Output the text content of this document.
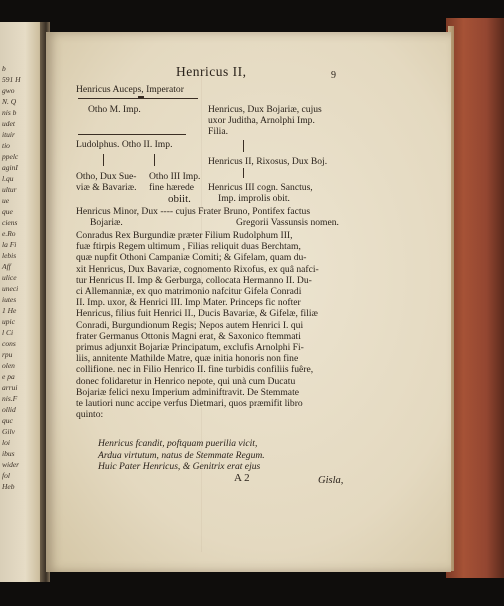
b
591 H
gwo
N. Q
nis b
udet
ituir
tio
ppelc
aginI
l.qu
ultur
ue
que
ciens
e.Ro
la Fi
lebis
Aff
ulice
uneci
iutes
1 He
upic
l Ci
cons
rpu
olen
e pa
arrui
nis.F
ollid
quc
Gilv
loi
ibus
wider
fol
Heb
Henricus II,	9
Henricus Auceps, Imperator
Otho M. Imp.	Henricus, Dux Bojariæ, cujus
uxor Juditha, Arnolphi Imp.
Filia.
Ludolphus. Otho II. Imp.
Henricus II, Rixosus, Dux Boj.
Otho, Dux Sue-
viæ & Bavariæ.
Otho III Imp.
fine hærede
obiit.
Henricus III cogn. Sanctus,
Imp. improlis obit.
Henricus Minor, Dux ---- cujus Frater Bruno, Pontifex factus
Bojariæ.	Gregorii Vassunsis nomen.
Conradus Rex Burgundiæ præter Filium Rudolphum III,
fuæ ftirpis Regem ultimum , Filias reliquit duas Berchtam,
quæ nupfit Othoni Campaniæ Comiti; & Gifelam, quam du-
xit Henricus, Dux Bavariæ, cognomento Rixofus, ex quâ nafci-
tur Henricus II. Imp & Gerburga, collocata Hermanno II. Du-
ci Allemanniæ, ex quo matrimonio nafcitur Gifela Conradi
II. Imp. uxor, & Henrici III. Imp Mater. Princeps fic nofter
Henricus, filius fuit Henrici II., Ducis Bavariæ, & Gifelæ, filiæ
Conradi, Burgundionum Regis; Nepos autem Henrici I. qui
frater Germanus Ottonis Magni erat, & Saxonico ftemmati
primus adjunxit Bojariæ Principatum, exclufis Arnolphi Fi-
liis, annitente Mathilde Matre, quæ initia honoris non fine
collifione. nec in Filio Henrico II. fine turbidis confiliis fuêre,
donec folidaretur in Henrico nepote, qui unà cum Ducatu
Bojariæ felici nexu Imperium adminiftravit. De Stemmate
te lautiori nunc accipe verfus Dietmari, quos præmifit libro
quinto:
Henricus fcandit, poftquam puerilia vicit,
Ardua virtutum, natus de Stemmate Regum.
Huic Pater Henricus, & Genitrix erat ejus
A 2	Gisla,
